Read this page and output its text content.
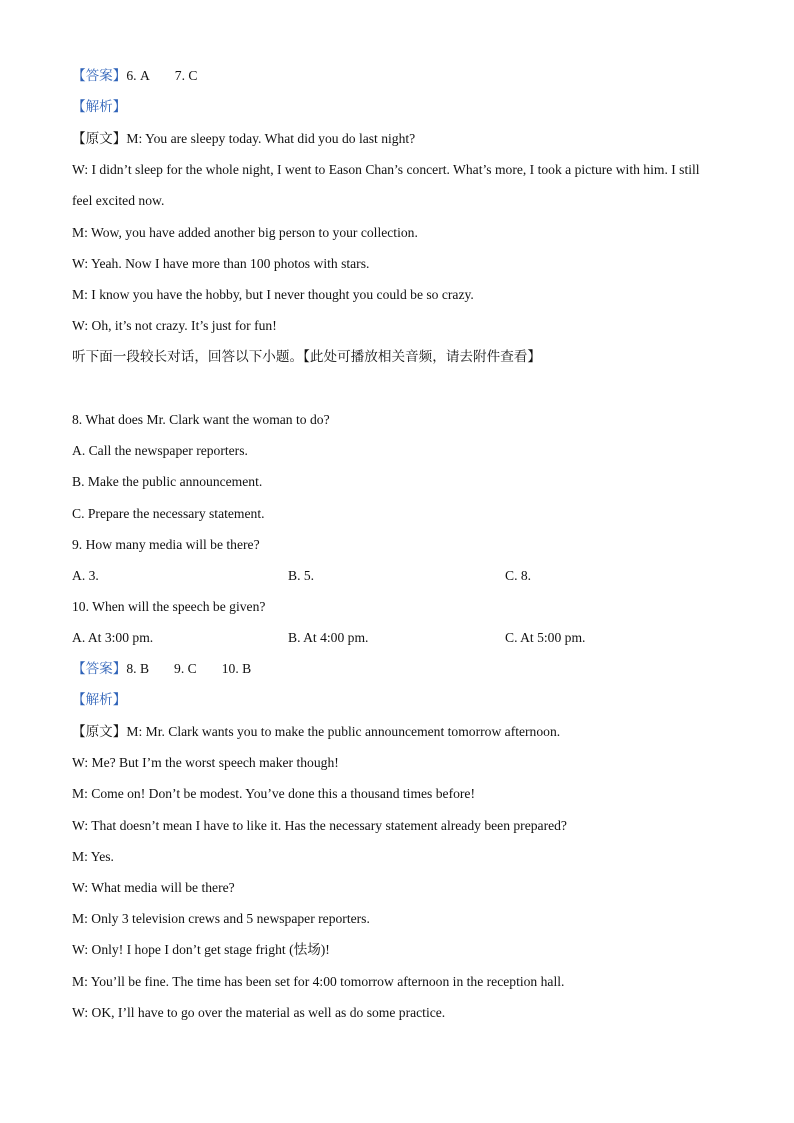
【答案】6. A 7. C
【解析】
【原文】M: You are sleepy today. What did you do last night?
W: I didn’t sleep for the whole night, I went to Eason Chan’s concert. What’s more, I took a picture with him. I still
feel excited now.
M: Wow, you have added another big person to your collection.
W: Yeah. Now I have more than 100 photos with stars.
M: I know you have the hobby, but I never thought you could be so crazy.
W: Oh, it’s not crazy. It’s just for fun!
听下面一段较长对话，回答以下小题。【此处可播放相关音频，请去附件查看】
8. What does Mr. Clark want the woman to do?
A. Call the newspaper reporters.
B. Make the public announcement.
C. Prepare the necessary statement.
9. How many media will be there?
A. 3.	B. 5.	C. 8.
10. When will the speech be given?
A. At 3:00 pm.	B. At 4:00 pm.	C. At 5:00 pm.
【答案】8. B 9. C 10. B
【解析】
【原文】M: Mr. Clark wants you to make the public announcement tomorrow afternoon.
W: Me? But I’m the worst speech maker though!
M: Come on! Don’t be modest. You’ve done this a thousand times before!
W: That doesn’t mean I have to like it. Has the necessary statement already been prepared?
M: Yes.
W: What media will be there?
M: Only 3 television crews and 5 newspaper reporters.
W: Only! I hope I don’t get stage fright (怯场)!
M: You’ll be fine. The time has been set for 4:00 tomorrow afternoon in the reception hall.
W: OK, I’ll have to go over the material as well as do some practice.
